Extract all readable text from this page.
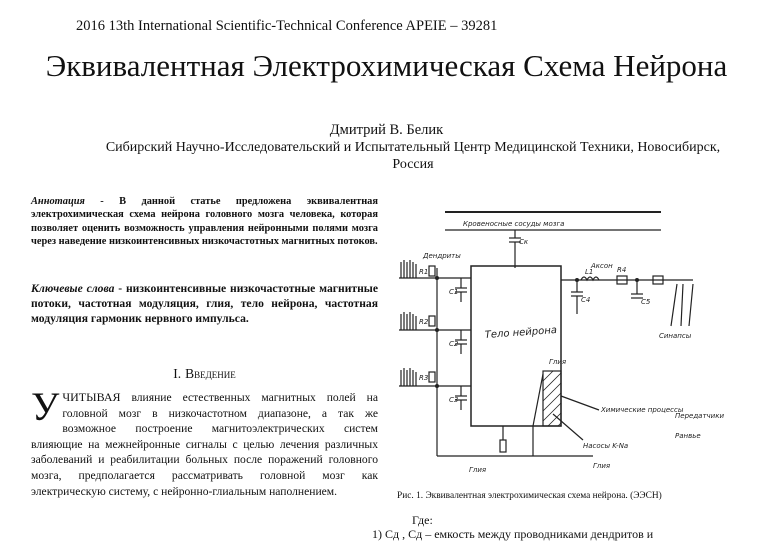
2016 13th International Scientific-Technical Conference APEIE – 39281
Эквивалентная Электрохимическая Схема Нейрона
Дмитрий В. Белик
Сибирский Научно-Исследовательский и Испытательный Центр Медицинской Техники, Новосибирск, Россия
Аннотация - В данной статье предложена эквивалентная электрохимическая схема нейрона головного мозга человека, которая позволяет оценить возможность управления нейронными полями мозга через наведение низкоинтенсивных низкочастотных магнитных потоков.
Ключевые слова - низкоинтенсивные низкочастотные магнитные потоки, частотная модуляция, глия, тело нейрона, частотная модуляция гармоник нервного импульса.
I. Введение
УЧИТЫВАЯ влияние естественных магнитных полей на головной мозг в низкочастотном диапазоне, а так же возможное построение магнитоэлектрических систем влияющие на межнейронные сигналы с целью лечения различных заболеваний и реабилитации больных после поражений головного мозга, предполагается рассматривать головной мозг как электрическую систему, с нейронно-глиальным наполнением.
Кровеносные сосуды мозга
Ск
Дендриты
R1
C1
R2
C2
R3
C3
Аксон
L1	R4
C4	C5
Тело нейрона
Глия
Синапсы
Химические процессы
Передатчики
Ранвье
Насосы K-Na
Глия
Глия
Рис. 1. Эквивалентная электрохимическая схема нейрона. (ЭЭСН)
Где:
1) Сд , Сд – емкость между проводниками дендритов и
